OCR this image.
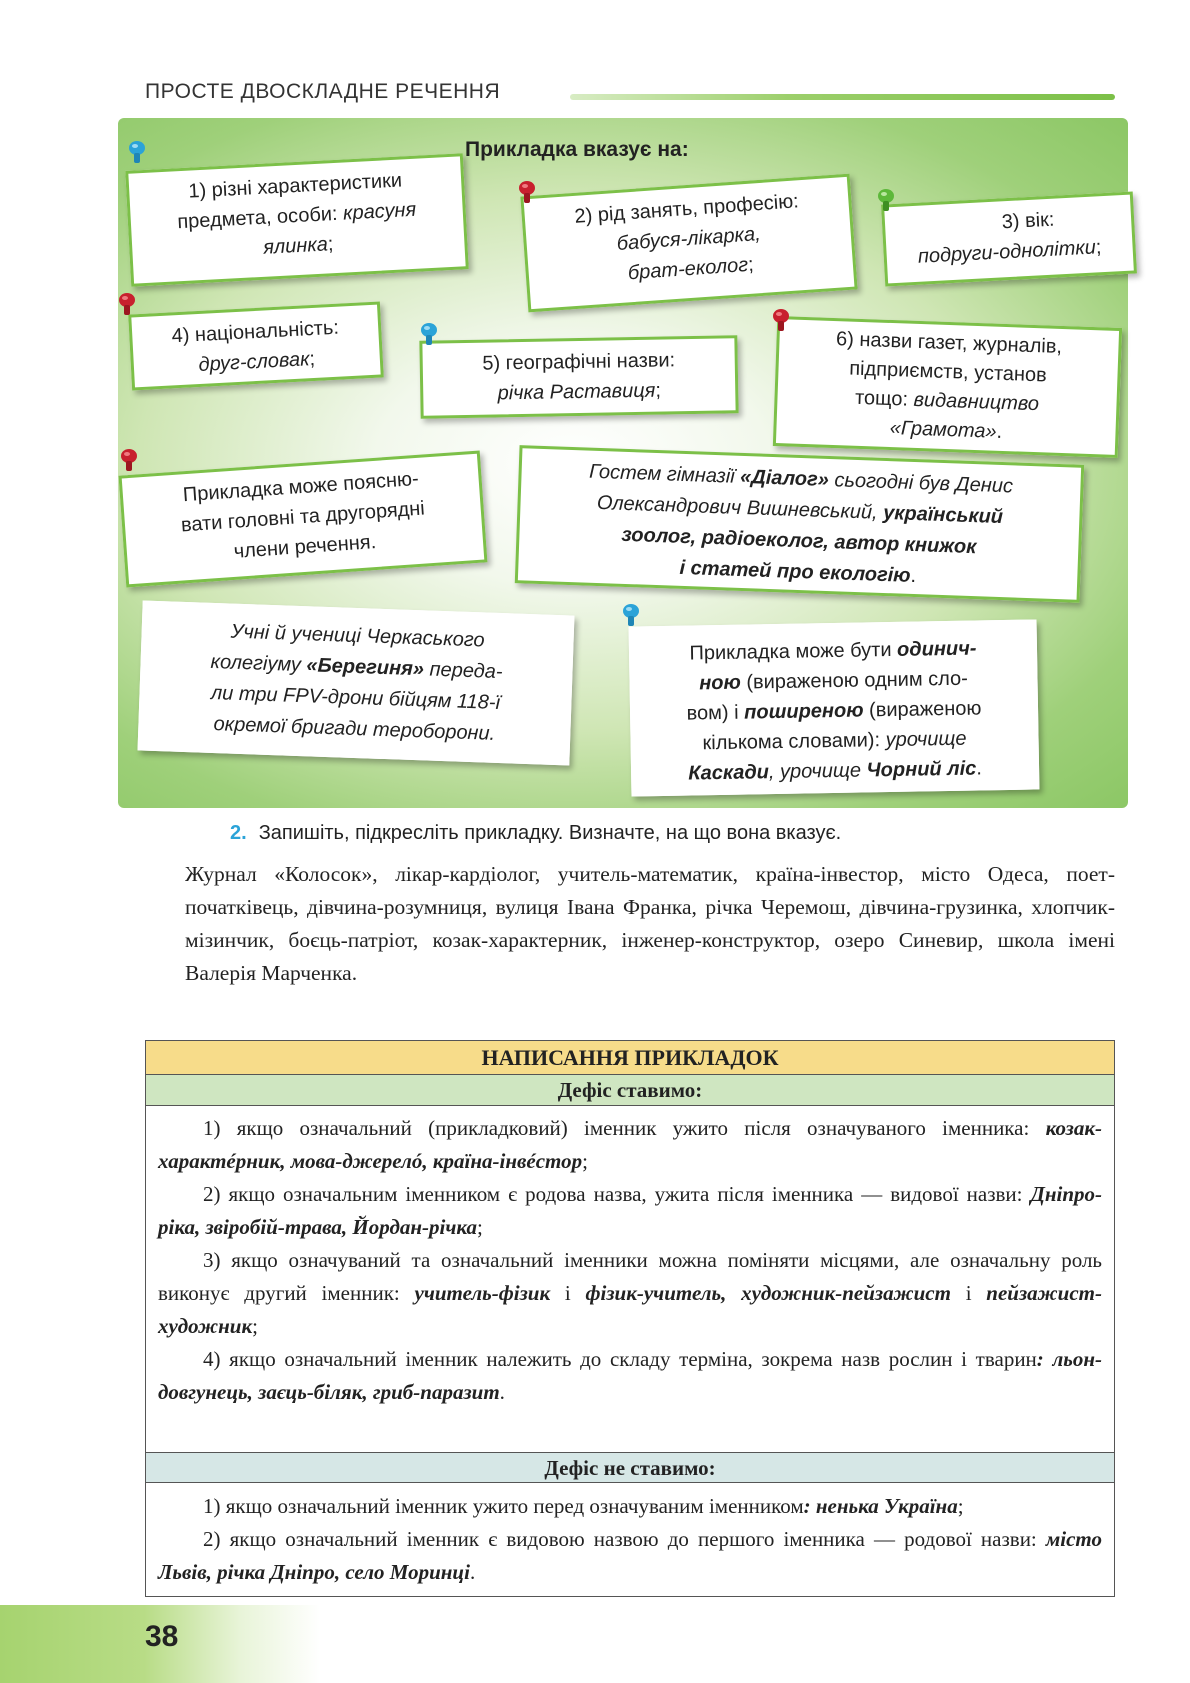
ПРОСТЕ ДВОСКЛАДНЕ РЕЧЕННЯ
Прикладка вказує на:
1) різні характеристики
предмета, особи: красуня
ялинка;
2) рід занять, професію:
бабуся-лікарка,
брат-еколог;
3) вік:
подруги-однолітки;
4) національність:
друг-словак;	5) географічні назви:
річка Раставиця;
6) назви газет, журналів,
підприємств, установ
тощо: видавництво
«Грамота».
Прикладка може поясню-
вати головні та другорядні
члени речення.
Гостем гімназії «Діалог» сьогодні був Денис
Олександрович Вишневський, український
зоолог, радіоеколог, автор книжок
і статей про екологію.
Учні й учениці Черкаського
колегіуму «Берегиня» переда-
ли три FPV-дрони бійцям 118-ї
окремої бригади тероборони.
Прикладка може бути одинич-
ною (вираженою одним сло-
вом) і поширеною (вираженою
кількома словами): урочище
Каскади, урочище Чорний ліс.
2. Запишіть, підкресліть прикладку. Визначте, на що вона вказує.
Журнал «Колосок», лікар-кардіолог, учитель-математик, країна-інвестор, місто Одеса, поет-початківець, дівчина-розумниця, вулиця Івана Франка, річка Черемош, дівчина-грузинка, хлопчик-мізинчик, боєць-патріот, козак-характерник, інженер-конструктор, озеро Синевир, школа імені Валерія Марченка.
НАПИСАННЯ ПРИКЛАДОК
Дефіс ставимо:

1) якщо означальний (прикладковий) іменник ужито після означуваного іменника: козак-характéрник, мова-джерелó, країна-інвéстор;

2) якщо означальним іменником є родова назва, ужита після іменника — видової назви: Дніпро-ріка, звіробій-трава, Йордан-річка;

3) якщо означуваний та означальний іменники можна поміняти місцями, але означальну роль виконує другий іменник: учитель-фізик і фізик-учитель, художник-пейзажист і пейзажист-художник;

4) якщо означальний іменник належить до складу терміна, зокрема назв рослин і тварин: льон-довгунець, заєць-біляк, гриб-паразит.

Дефіс не ставимо:

1) якщо означальний іменник ужито перед означуваним іменником: ненька Україна;

2) якщо означальний іменник є видовою назвою до першого іменника — родової назви: місто Львів, річка Дніпро, село Моринці.

38
